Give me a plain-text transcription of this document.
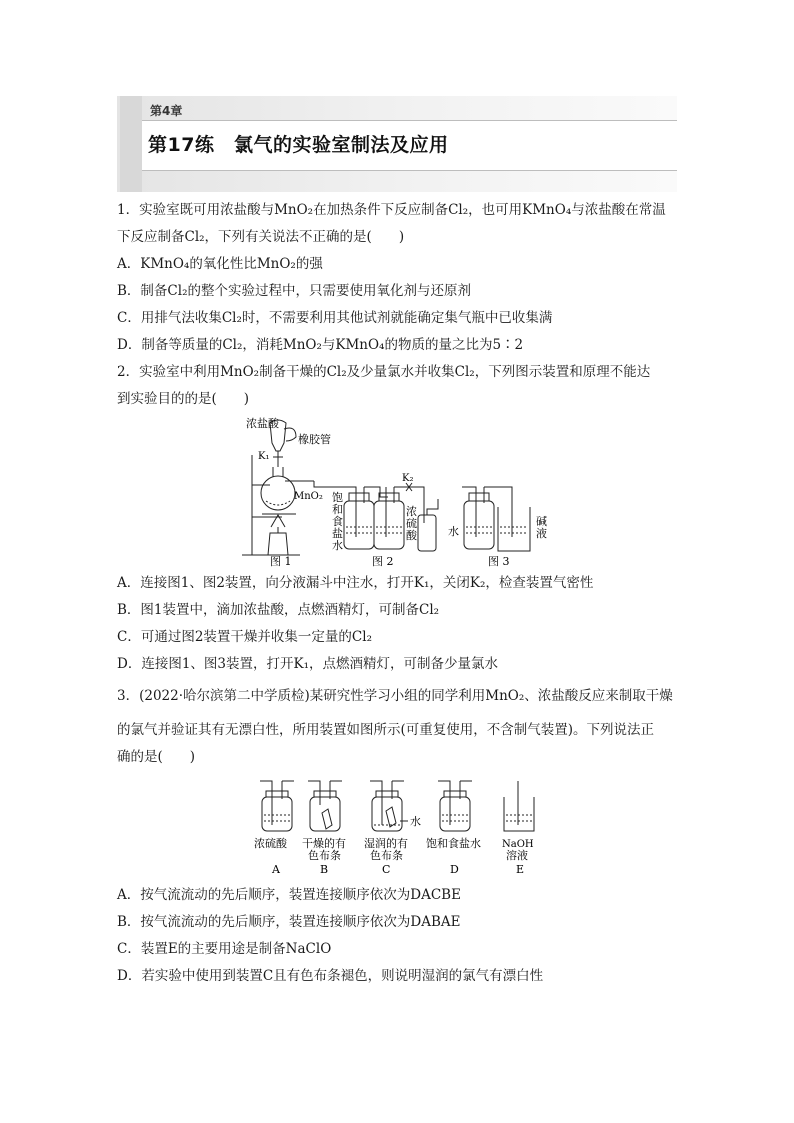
第4章
第17练　氯气的实验室制法及应用
1．实验室既可用浓盐酸与MnO₂在加热条件下反应制备Cl₂，也可用KMnO₄与浓盐酸在常温
下反应制备Cl₂，下列有关说法不正确的是(　　)
A．KMnO₄的氧化性比MnO₂的强
B．制备Cl₂的整个实验过程中，只需要使用氧化剂与还原剂
C．用排气法收集Cl₂时，不需要利用其他试剂就能确定集气瓶中已收集满
D．制备等质量的Cl₂，消耗MnO₂与KMnO₄的物质的量之比为5∶2
2．实验室中利用MnO₂制备干燥的Cl₂及少量氯水并收集Cl₂，下列图示装置和原理不能达
到实验目的的是(　　)
浓盐酸
橡胶管
K₁
MnO₂ 饱
和
食
盐
水
浓
硫
酸
K₂
水
碱
液
图 1	图 2	图 3
A．连接图1、图2装置，向分液漏斗中注水，打开K₁，关闭K₂，检查装置气密性
B．图1装置中，滴加浓盐酸，点燃酒精灯，可制备Cl₂
C．可通过图2装置干燥并收集一定量的Cl₂
D．连接图1、图3装置，打开K₁，点燃酒精灯，可制备少量氯水
3．(2022·哈尔滨第二中学质检)某研究性学习小组的同学利用MnO₂、浓盐酸反应来制取干燥
的氯气并验证其有无漂白性，所用装置如图所示(可重复使用，不含制气装置)。下列说法正
确的是(　　)
浓硫酸 干燥的有
色布条
湿润的有
色布条
水
饱和食盐水 NaOH
溶液
A	B	C	D	E
A．按气流流动的先后顺序，装置连接顺序依次为DACBE
B．按气流流动的先后顺序，装置连接顺序依次为DABAE
C．装置E的主要用途是制备NaClO
D．若实验中使用到装置C且有色布条褪色，则说明湿润的氯气有漂白性
